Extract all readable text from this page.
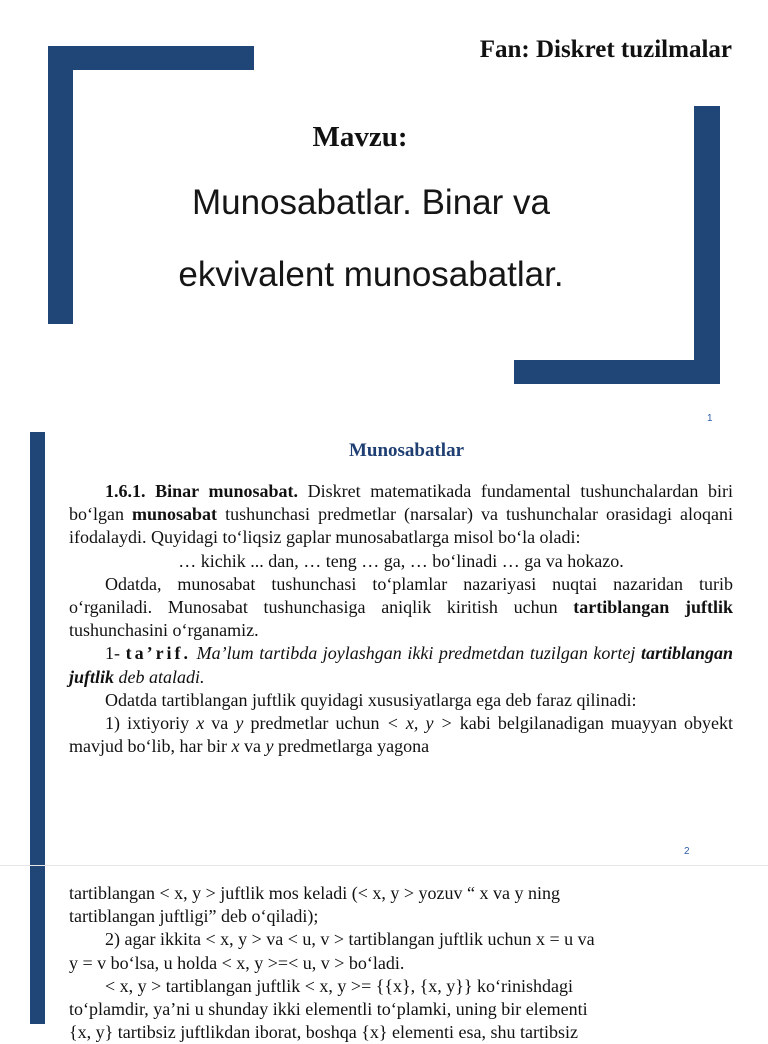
Fan: Diskret tuzilmalar
Mavzu:
Munosabatlar. Binar va
ekvivalent munosabatlar.
1
Munosabatlar

1.6.1. Binar munosabat. Diskret matematikada fundamental tushunchalardan biri bo‘lgan munosabat tushunchasi predmetlar (narsalar) va tushunchalar orasidagi aloqani ifodalaydi. Quyidagi to‘liqsiz gaplar munosabatlarga misol bo‘la oladi:

… kichik ... dan, … teng … ga, … bo‘linadi … ga va hokazo.

Odatda, munosabat tushunchasi to‘plamlar nazariyasi nuqtai nazaridan turib o‘rganiladi. Munosabat tushunchasiga aniqlik kiritish uchun tartiblangan juftlik tushunchasini o‘rganamiz.

1- ta’rif. Ma’lum tartibda joylashgan ikki predmetdan tuzilgan kortej tartiblangan juftlik deb ataladi.

Odatda tartiblangan juftlik quyidagi xususiyatlarga ega deb faraz qilinadi:

1) ixtiyoriy x va y predmetlar uchun < x, y > kabi belgilanadigan muayyan obyekt mavjud bo‘lib, har bir x va y predmetlarga yagona

2

tartiblangan < x, y > juftlik mos keladi (< x, y > yozuv “ x va y ning

tartiblangan juftligi” deb o‘qiladi);

2) agar ikkita < x, y > va < u, v > tartiblangan juftlik uchun x = u va

y = v bo‘lsa, u holda < x, y >=< u, v > bo‘ladi.

< x, y > tartiblangan juftlik < x, y >= {{x}, {x, y}} ko‘rinishdagi

to‘plamdir, ya’ni u shunday ikki elementli to‘plamki, uning bir elementi

{x, y} tartibsiz juftlikdan iborat, boshqa {x} elementi esa, shu tartibsiz
